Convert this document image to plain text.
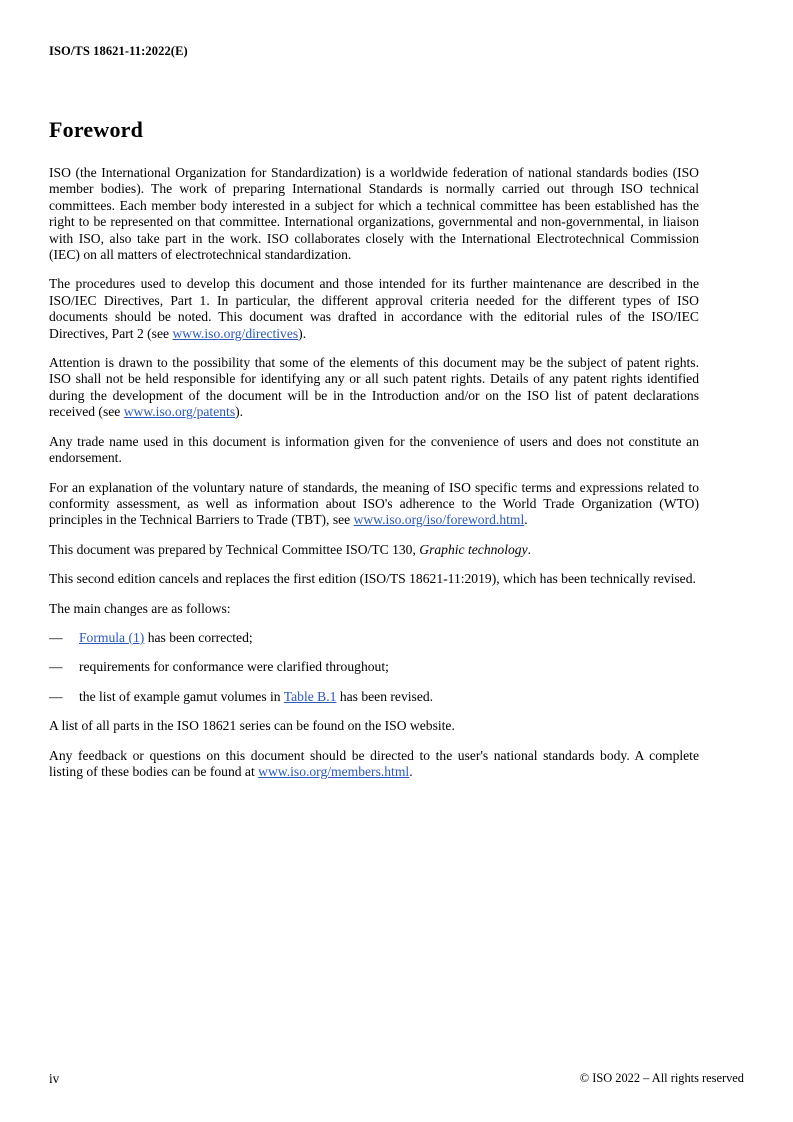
ISO/TS 18621-11:2022(E)
Foreword

ISO (the International Organization for Standardization) is a worldwide federation of national standards bodies (ISO member bodies). The work of preparing International Standards is normally carried out through ISO technical committees. Each member body interested in a subject for which a technical committee has been established has the right to be represented on that committee. International organizations, governmental and non-governmental, in liaison with ISO, also take part in the work. ISO collaborates closely with the International Electrotechnical Commission (IEC) on all matters of electrotechnical standardization.

The procedures used to develop this document and those intended for its further maintenance are described in the ISO/IEC Directives, Part 1. In particular, the different approval criteria needed for the different types of ISO documents should be noted. This document was drafted in accordance with the editorial rules of the ISO/IEC Directives, Part 2 (see www.iso.org/directives).

Attention is drawn to the possibility that some of the elements of this document may be the subject of patent rights. ISO shall not be held responsible for identifying any or all such patent rights. Details of any patent rights identified during the development of the document will be in the Introduction and/or on the ISO list of patent declarations received (see www.iso.org/patents).

Any trade name used in this document is information given for the convenience of users and does not constitute an endorsement.

For an explanation of the voluntary nature of standards, the meaning of ISO specific terms and expressions related to conformity assessment, as well as information about ISO's adherence to the World Trade Organization (WTO) principles in the Technical Barriers to Trade (TBT), see www.iso.org/iso/foreword.html.

This document was prepared by Technical Committee ISO/TC 130, Graphic technology.

This second edition cancels and replaces the first edition (ISO/TS 18621-11:2019), which has been technically revised.

The main changes are as follows:

— Formula (1) has been corrected;
— requirements for conformance were clarified throughout;
— the list of example gamut volumes in Table B.1 has been revised.

A list of all parts in the ISO 18621 series can be found on the ISO website.

Any feedback or questions on this document should be directed to the user's national standards body. A complete listing of these bodies can be found at www.iso.org/members.html.

iv	© ISO 2022 – All rights reserved
